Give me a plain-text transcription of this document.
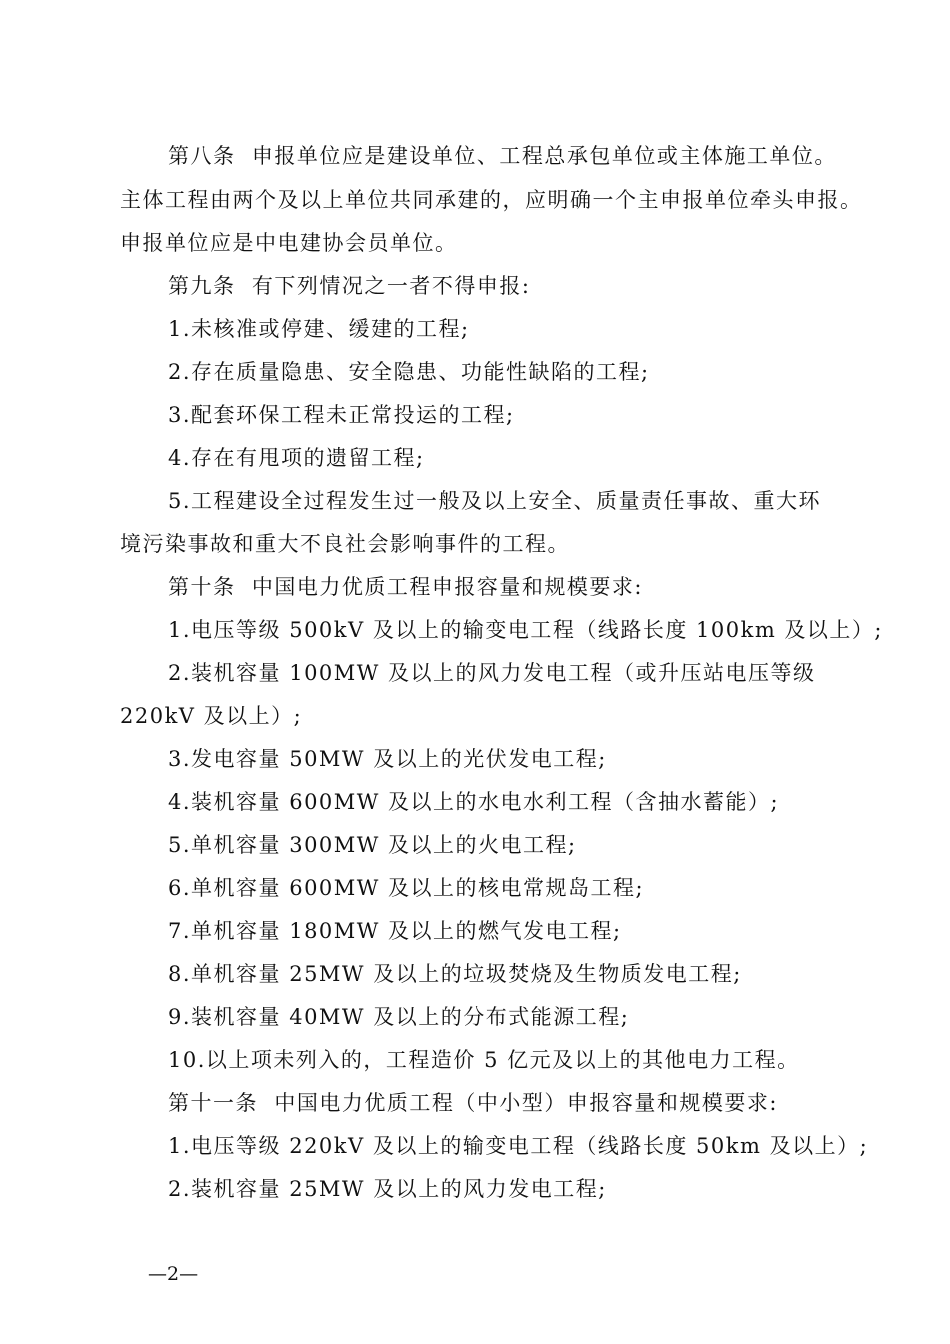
第八条  申报单位应是建设单位、工程总承包单位或主体施工单位。
主体工程由两个及以上单位共同承建的，应明确一个主申报单位牵头申报。
申报单位应是中电建协会员单位。
第九条  有下列情况之一者不得申报:
1.未核准或停建、缓建的工程;
2.存在质量隐患、安全隐患、功能性缺陷的工程;
3.配套环保工程未正常投运的工程;
4.存在有甩项的遗留工程;
5.工程建设全过程发生过一般及以上安全、质量责任事故、重大环
境污染事故和重大不良社会影响事件的工程。
第十条  中国电力优质工程申报容量和规模要求:
1.电压等级 500kV 及以上的输变电工程（线路长度 100km 及以上）;
2.装机容量 100MW 及以上的风力发电工程（或升压站电压等级
220kV 及以上）;
3.发电容量 50MW 及以上的光伏发电工程;
4.装机容量 600MW 及以上的水电水利工程（含抽水蓄能）;
5.单机容量 300MW 及以上的火电工程;
6.单机容量 600MW 及以上的核电常规岛工程;
7.单机容量 180MW 及以上的燃气发电工程;
8.单机容量 25MW 及以上的垃圾焚烧及生物质发电工程;
9.装机容量 40MW 及以上的分布式能源工程;
10.以上项未列入的，工程造价 5 亿元及以上的其他电力工程。
第十一条  中国电力优质工程（中小型）申报容量和规模要求:
1.电压等级 220kV 及以上的输变电工程（线路长度 50km 及以上）;
2.装机容量 25MW 及以上的风力发电工程;
—2—
